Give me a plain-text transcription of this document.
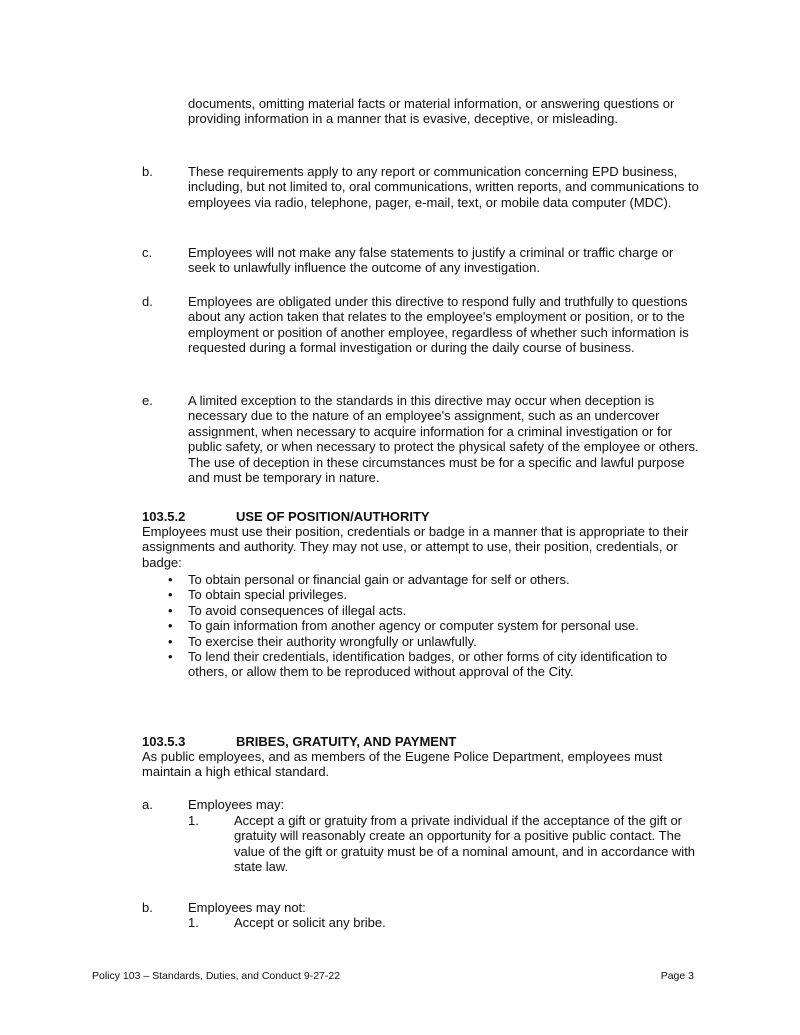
documents, omitting material facts or material information, or answering questions or providing information in a manner that is evasive, deceptive, or misleading.

b.	These requirements apply to any report or communication concerning EPD business, including, but not limited to, oral communications, written reports, and communications to employees via radio, telephone, pager, e-mail, text, or mobile data computer (MDC).
c.	Employees will not make any false statements to justify a criminal or traffic charge or seek to unlawfully influence the outcome of any investigation.
d.	Employees are obligated under this directive to respond fully and truthfully to questions about any action taken that relates to the employee's employment or position, or to the employment or position of another employee, regardless of whether such information is requested during a formal investigation or during the daily course of business.
e.	A limited exception to the standards in this directive may occur when deception is necessary due to the nature of an employee's assignment, such as an undercover assignment, when necessary to acquire information for a criminal investigation or for public safety, or when necessary to protect the physical safety of the employee or others. The use of deception in these circumstances must be for a specific and lawful purpose and must be temporary in nature.
103.5.2	USE OF POSITION/AUTHORITY

Employees must use their position, credentials or badge in a manner that is appropriate to their assignments and authority. They may not use, or attempt to use, their position, credentials, or badge:

• To obtain personal or financial gain or advantage for self or others.
• To obtain special privileges.
• To avoid consequences of illegal acts.
• To gain information from another agency or computer system for personal use.
• To exercise their authority wrongfully or unlawfully.
• To lend their credentials, identification badges, or other forms of city identification to others, or allow them to be reproduced without approval of the City.
103.5.3	BRIBES, GRATUITY, AND PAYMENT

As public employees, and as members of the Eugene Police Department, employees must maintain a high ethical standard.

a.	Employees may:
1.	Accept a gift or gratuity from a private individual if the acceptance of the gift or gratuity will reasonably create an opportunity for a positive public contact. The value of the gift or gratuity must be of a nominal amount, and in accordance with state law.
b.	Employees may not:
1.	Accept or solicit any bribe.
Policy 103 – Standards, Duties, and Conduct 9-27-22	Page 3
